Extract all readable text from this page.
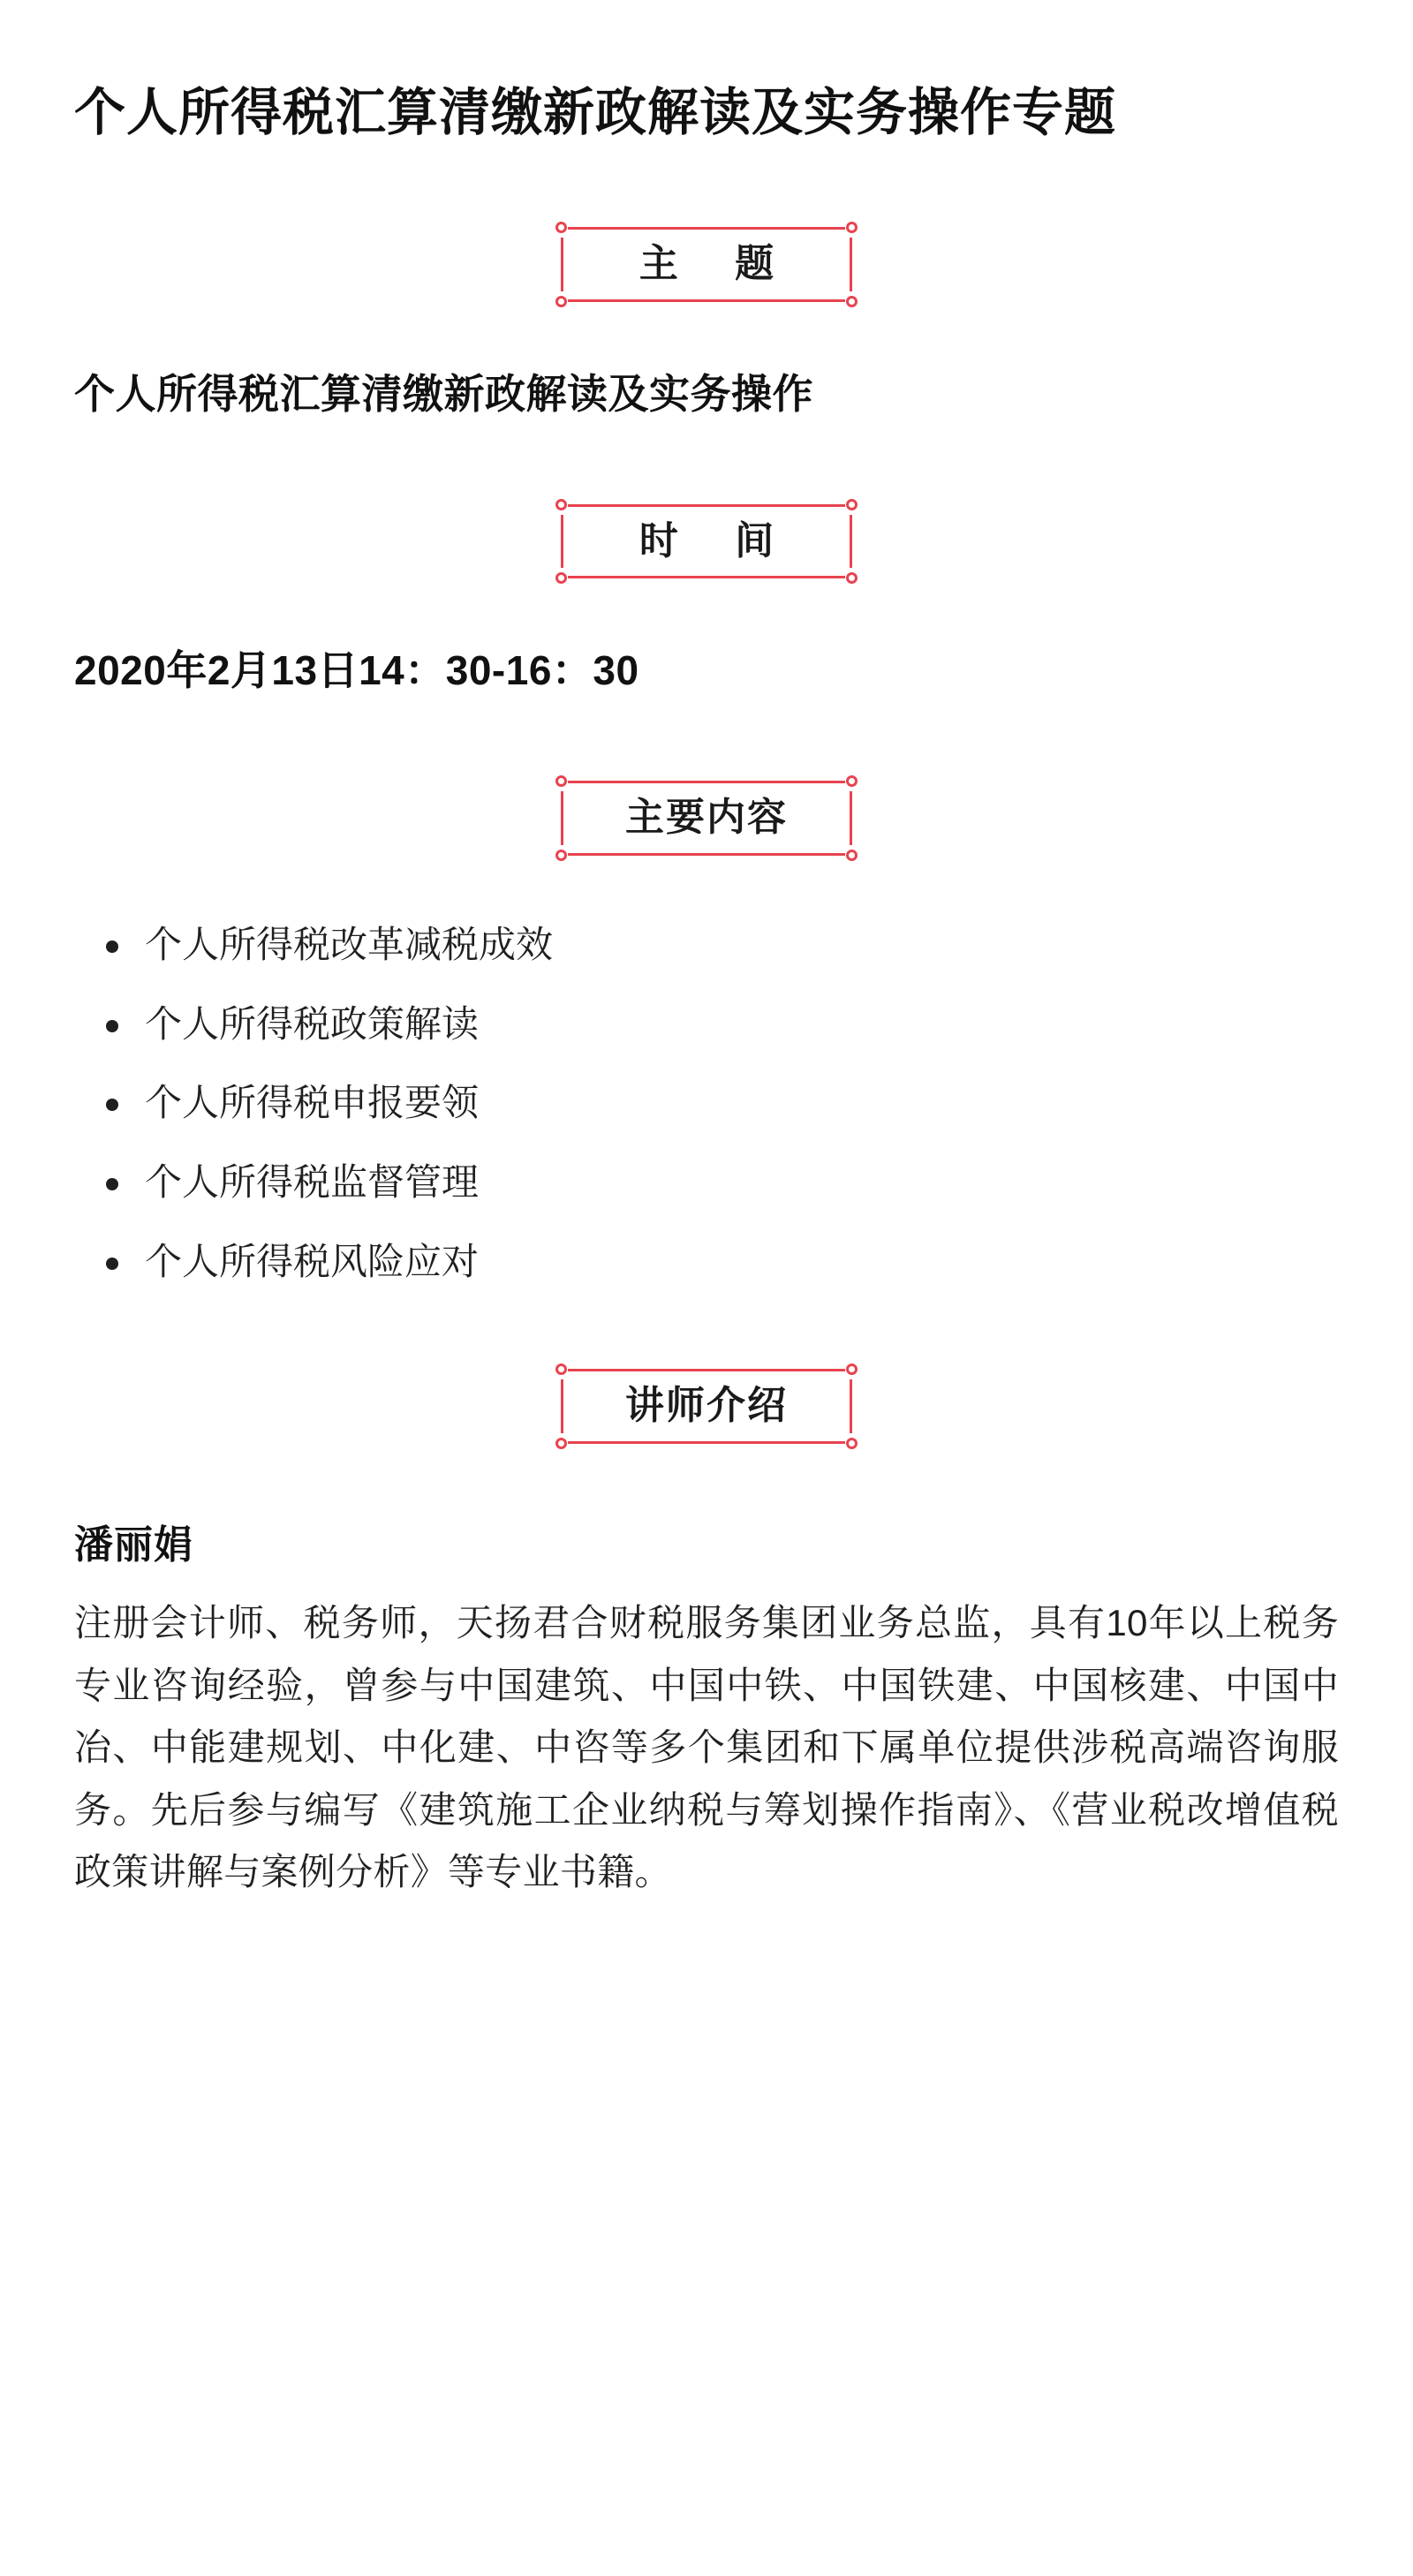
个人所得税汇算清缴新政解读及实务操作专题
主 题

个人所得税汇算清缴新政解读及实务操作

时 间

2020年2月13日14：30-16：30

主要内容
个人所得税改革减税成效
个人所得税政策解读
个人所得税申报要领
个人所得税监督管理
个人所得税风险应对
讲师介绍

潘丽娟

注册会计师、税务师，天扬君合财税服务集团业务总监，具有10年以上税务专业咨询经验，曾参与中国建筑、中国中铁、中国铁建、中国核建、中国中冶、中能建规划、中化建、中咨等多个集团和下属单位提供涉税高端咨询服务。先后参与编写《建筑施工企业纳税与筹划操作指南》、《营业税改增值税政策讲解与案例分析》等专业书籍。
